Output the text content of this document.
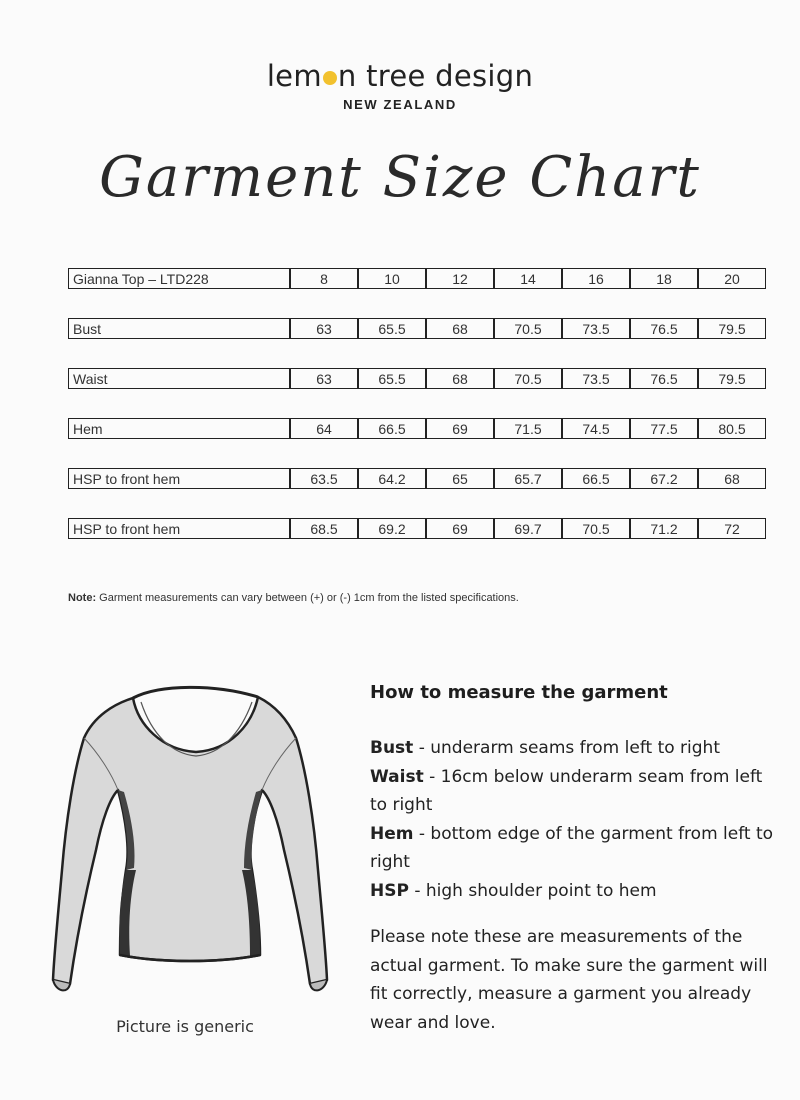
lem n tree design
NEW ZEALAND
Garment Size Chart
Gianna Top – LTD228	8	10	12	14	16	18	20

Bust	63	65.5	68	70.5	73.5	76.5	79.5

Waist	63	65.5	68	70.5	73.5	76.5	79.5

Hem	64	66.5	69	71.5	74.5	77.5	80.5

HSP to front hem	63.5	64.2	65	65.7	66.5	67.2	68

HSP to front hem	68.5	69.2	69	69.7	70.5	71.2	72
Note: Garment measurements can vary between (+) or (-) 1cm from the listed specifications.
Picture is generic
How to measure the garment

Bust - underarm seams from left to right

Waist - 16cm below underarm seam from left to right

Hem - bottom edge of the garment from left to right

HSP - high shoulder point to hem

Please note these are measurements of the actual garment. To make sure the garment will fit correctly, measure a garment you already wear and love.
